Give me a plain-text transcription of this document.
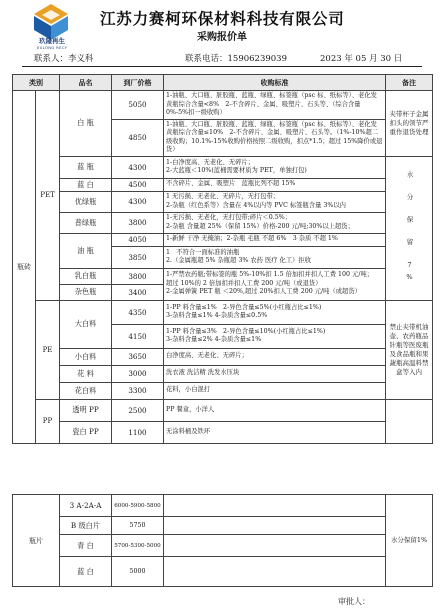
玖隆再生
JIULONG RECY
江苏力赛柯环保材料科技有限公司
采购报价单
联系人：李义科	联系电话：15906239039	2023 年 05 月 30 日
类别		品名	到厂价格	收购标准	备注
瓶砖	PET	白 瓶	5050	1-油瓶、大口瓶、脏胶瓶、蓝瓶、绿瓶、标签瓶（psc 标、纸标等）、老化发黄瓶综合含量<8%　2-不含碎片、金属、吸塑片、石头等、（综合含量 0%-5%扣一级收购）	夹带杯子金属扣头的领节严重作退货处理
			4850	1-油瓶、大口瓶、脏胶瓶、蓝瓶、绿瓶、标签瓶（psc 标、纸标等）、老化发黄瓶综合含量≤10%　2-不含碎片、金属、吸塑片、石头等。（1%-10%超二级收购；10.1%-15%收购价格按照二级收购，扣点*1.5；超过 15%降价或退货）	
		蓝 瓶	4300	1-白净度高、无老化、无碎片；
2-大蓝瓶＜10%(蓝桶需要材质为 PET，单独打包)	水 分 保 留 7%
		蓝 白	4500	不含碎片、金属、吸塑片　蓝瓶比列不超 15%	
		优绿瓶	4300	1 无污损、无老化、无碎片，无打包带；
2-杂瓶（红色系等）含量在 4%以内等 PVC 标签瓶含量 3%以内	
		普绿瓶	3800	1-无污损、无老化，无打包带;碎片＜0.5%；
2-杂瓶 含量超 25%（保留 15%）价格-200 元/吨;30%以上超货；	
		油 瓶	4050	1-新鲜 干净 无掩油；2-杂瓶 毛瓶 不超 6%　3 杂质 不超 1%	
			3850	1　不符合一面标准的油瓶
2.（金属瓶超 5% 杂瓶超 3% 农药 医疗 化工）拒收	
		乳白瓶	3800	1-严禁农药瓶;带标签的瓶 5%-10%扣 1.5 倍加扣并扣人工费 100 元/吨；
超过 10%的 2 倍加扣并扣人工费 200 元/吨（或退货）
2-金属弹簧 PET 瓶 ＜20%,超过 20%扣人工费 200 元/吨（或超货）	
		杂色瓶	3400		

	PE	大白料	4350	1-PP 料含量≤1%　2-异色含量≤5%(小红瓶占比≤1%)
3-杂料含量≤1% 4-杂质含量≤0.5%	禁止夹带机油壶、农药瓶品针瓶等医废瓶及食品瓶和果蔬瓶高温料禁盒等入内
			4150	1-PP 料含量≤3%　2-异色含量≤10%(小红瓶占比≤1%)
3-杂料含量≤2% 4-杂质含量≤1%	
		小白料	3650	白净度高、无老化、无碎片；	
		花 料	3000	洗衣液 洗洁精 洗发水压块	
		花白料	3300	花料，小白混打	

	PP	透明 PP	2500	PP 餐盒，小洋人	
		瓷白 PP	1100	无涂料桶及铁环	
瓶片	3 A-2A-A	6000-5900-5800		水分保留1%
	B 级白片	5750		
	青 白	5700-5300-5000		
	蓝 白	5000		
审批人：
